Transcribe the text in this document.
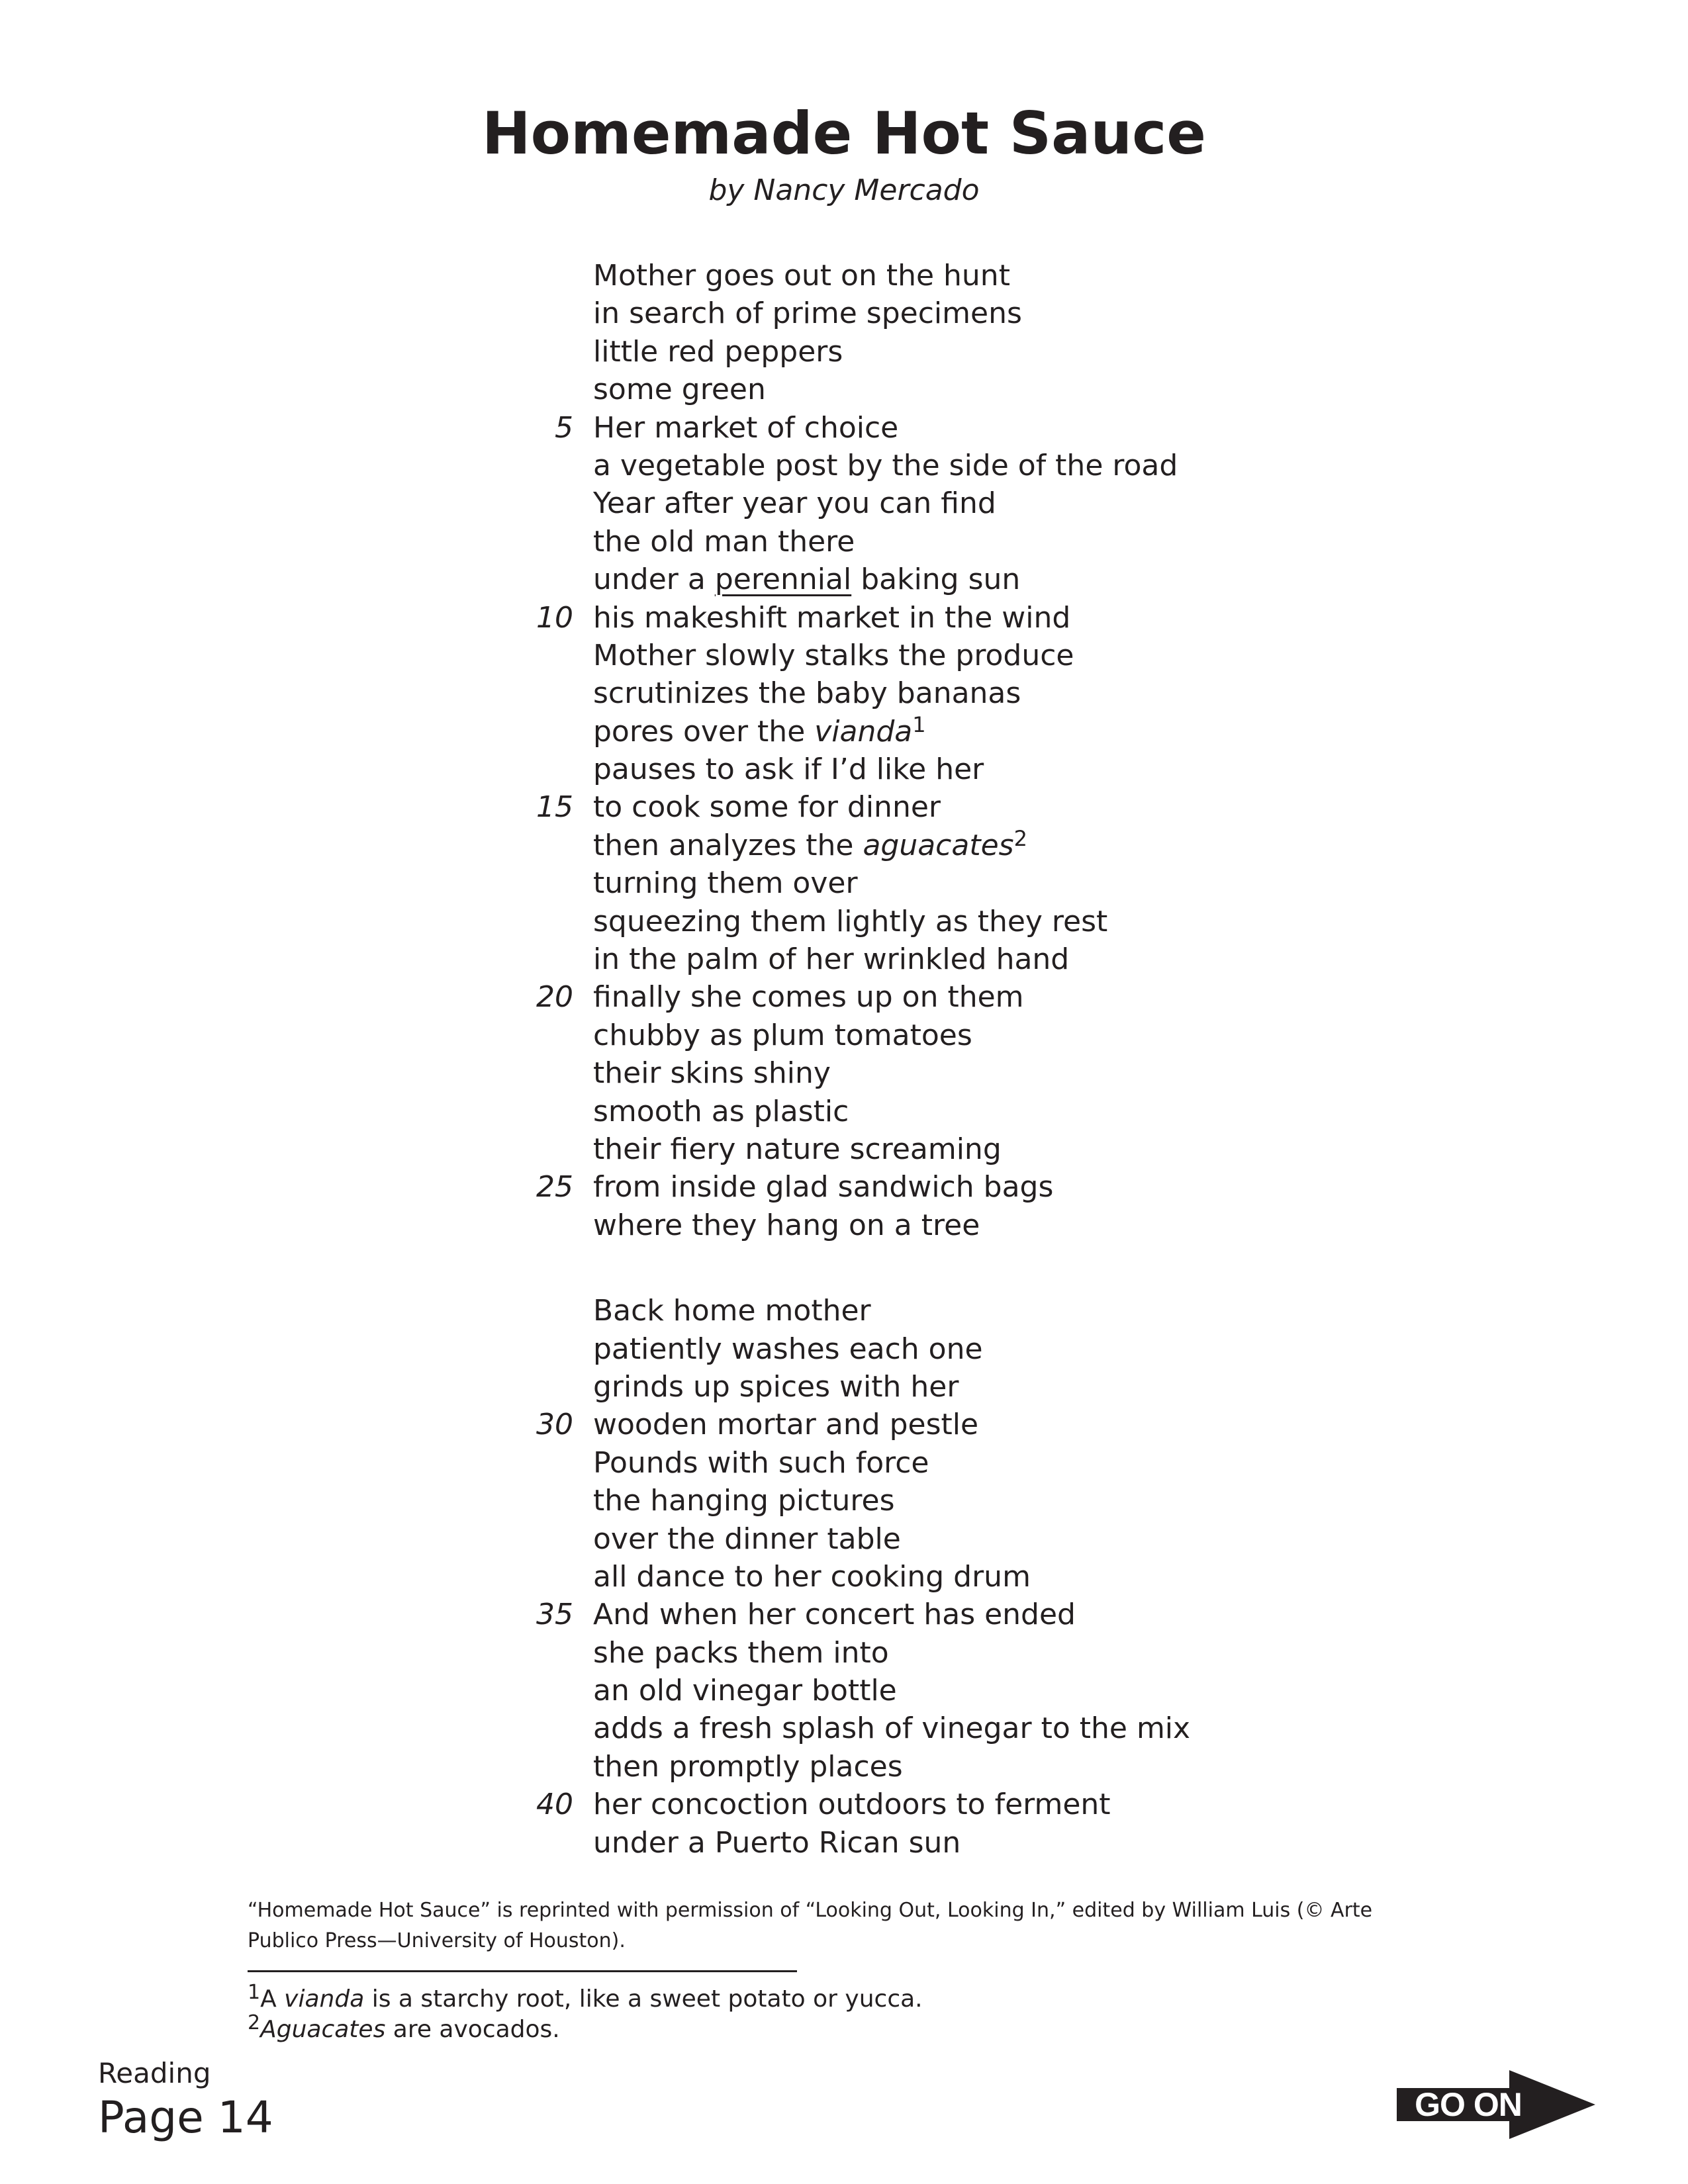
Homemade Hot Sauce
by Nancy Mercado
Mother goes out on the hunt
in search of prime specimens
little red peppers
some green
5 Her market of choice
a vegetable post by the side of the road
Year after year you can find
the old man there
under a perennial baking sun
10 his makeshift market in the wind
Mother slowly stalks the produce
scrutinizes the baby bananas
pores over the vianda$^1$
pauses to ask if I’d like her
15 to cook some for dinner
then analyzes the aguacates$^2$
turning them over
squeezing them lightly as they rest
in the palm of her wrinkled hand
20 finally she comes up on them
chubby as plum tomatoes
their skins shiny
smooth as plastic
their fiery nature screaming
25 from inside glad sandwich bags
where they hang on a tree
Back home mother
patiently washes each one
grinds up spices with her
30 wooden mortar and pestle
Pounds with such force
the hanging pictures
over the dinner table
all dance to her cooking drum
35 And when her concert has ended
she packs them into
an old vinegar bottle
adds a fresh splash of vinegar to the mix
then promptly places
40 her concoction outdoors to ferment
under a Puerto Rican sun
“Homemade Hot Sauce” is reprinted with permission of “Looking Out, Looking In,” edited by William Luis (© Arte Publico Press—University of Houston).
$^1$A vianda is a starchy root, like a sweet potato or yucca.
$^2$Aguacates are avocados.
Reading
Page 14	GO ON
